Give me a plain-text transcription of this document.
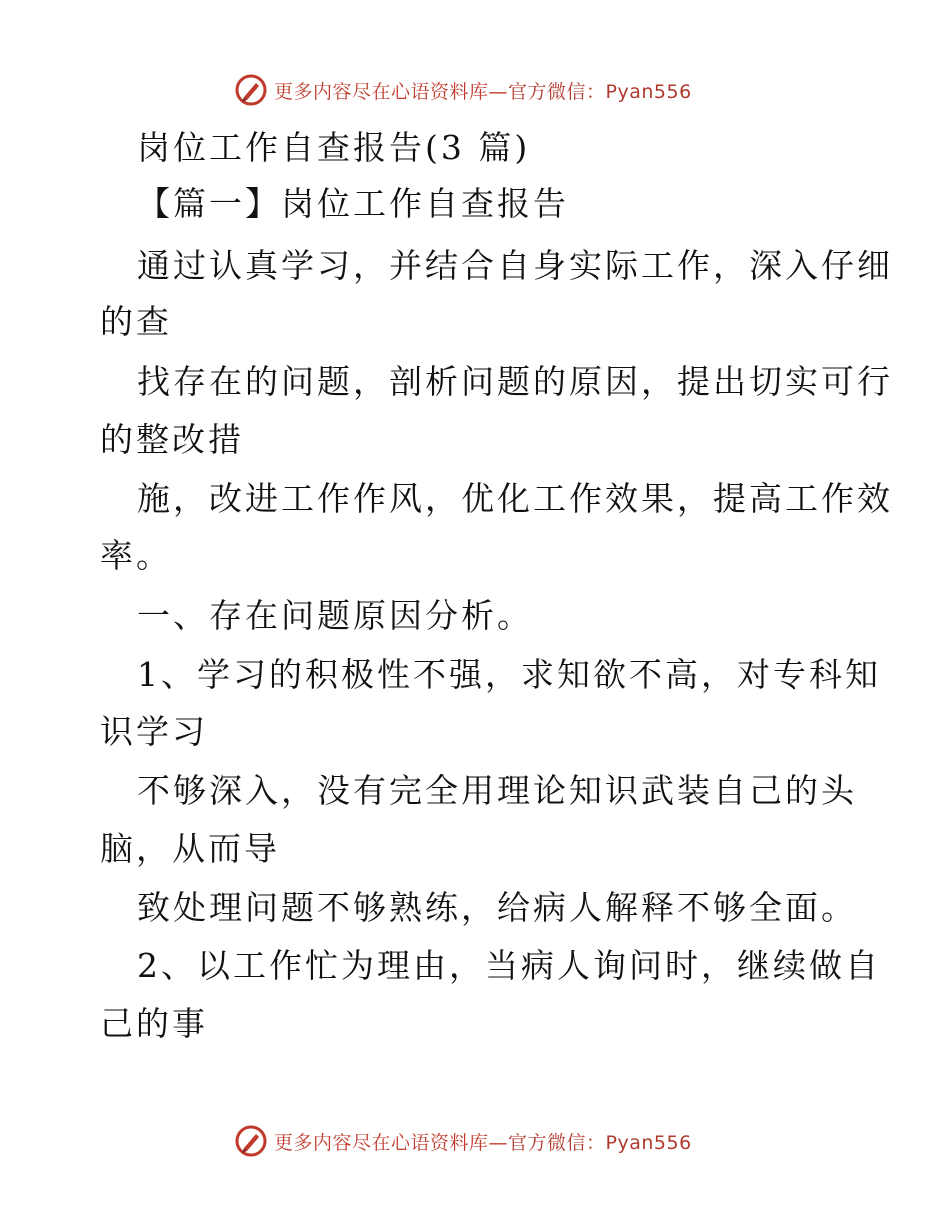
更多内容尽在心语资料库—官方微信：Pyan556
岗位工作自查报告(3 篇)
【篇一】岗位工作自查报告
通过认真学习，并结合自身实际工作，深入仔细
的查
找存在的问题，剖析问题的原因，提出切实可行
的整改措
施，改进工作作风，优化工作效果，提高工作效
率。
一、存在问题原因分析。
1、学习的积极性不强，求知欲不高，对专科知
识学习
不够深入，没有完全用理论知识武装自己的头
脑，从而导
致处理问题不够熟练，给病人解释不够全面。
2、以工作忙为理由，当病人询问时，继续做自
己的事
更多内容尽在心语资料库—官方微信：Pyan556
